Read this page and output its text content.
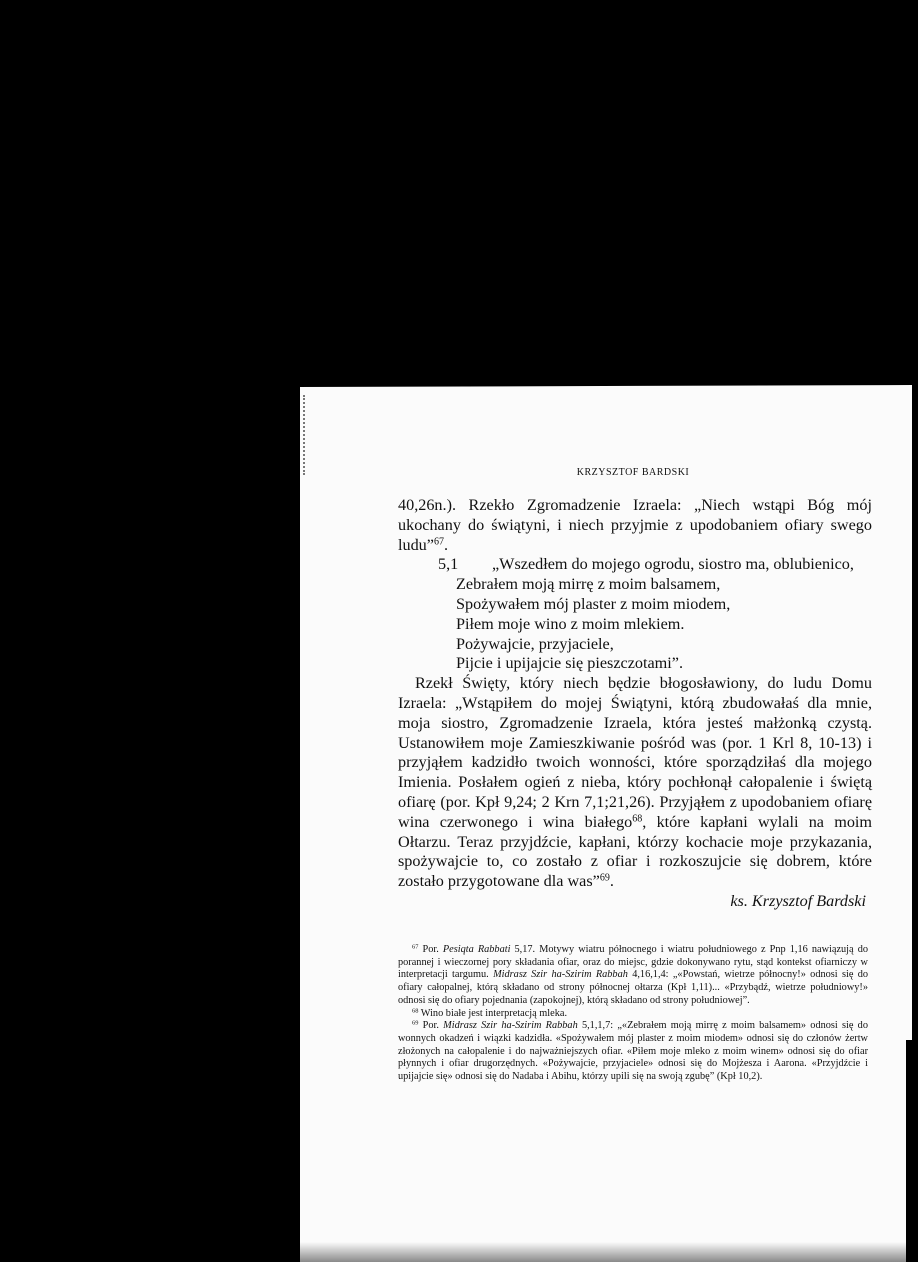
KRZYSZTOF BARDSKI

40,26n.). Rzekło Zgromadzenie Izraela: „Niech wstąpi Bóg mój ukochany do świątyni, i niech przyjmie z upodobaniem ofiary swego ludu”$^{67}$.

5,1 „Wszedłem do mojego ogrodu, siostro ma, oblubienico,
Zebrałem moją mirrę z moim balsamem,
Spożywałem mój plaster z moim miodem,
Piłem moje wino z moim mlekiem.
Pożywajcie, przyjaciele,
Pijcie i upijajcie się pieszczotami”.

Rzekł Święty, który niech będzie błogosławiony, do ludu Domu Izraela: „Wstąpiłem do mojej Świątyni, którą zbudowałaś dla mnie, moja siostro, Zgromadzenie Izraela, która jesteś małżonką czystą. Ustanowiłem moje Zamieszkiwanie pośród was (por. 1 Krl 8, 10-13) i przyjąłem kadzidło twoich wonności, które sporządziłaś dla mojego Imienia. Posłałem ogień z nieba, który pochłonął całopalenie i świętą ofiarę (por. Kpł 9,24; 2 Krn 7,1;21,26). Przyjąłem z upodobaniem ofiarę wina czerwonego i wina białego$^{68}$, które kapłani wylali na moim Ołtarzu. Teraz przyjdźcie, kapłani, którzy kochacie moje przykazania, spożywajcie to, co zostało z ofiar i rozkoszujcie się dobrem, które zostało przygotowane dla was”$^{69}$.

ks. Krzysztof Bardski

$^{67}$ Por. Pesiqta Rabbati 5,17. Motywy wiatru północnego i wiatru południowego z Pnp 1,16 nawiązują do porannej i wieczornej pory składania ofiar, oraz do miejsc, gdzie dokonywano rytu, stąd kontekst ofiarniczy w interpretacji targumu. Midrasz Szir ha-Szirim Rabbah 4,16,1,4: „«Powstań, wietrze północny!» odnosi się do ofiary całopalnej, którą składano od strony północnej ołtarza (Kpł 1,11)... «Przybądź, wietrze południowy!» odnosi się do ofiary pojednania (zapokojnej), którą składano od strony południowej”.

$^{68}$ Wino białe jest interpretacją mleka.

$^{69}$ Por. Midrasz Szir ha-Szirim Rabbah 5,1,1,7: „«Zebrałem moją mirrę z moim balsamem» odnosi się do wonnych okadzeń i wiązki kadzidła. «Spożywałem mój plaster z moim miodem» odnosi się do członów żertw złożonych na całopalenie i do najważniejszych ofiar. «Piłem moje mleko z moim winem» odnosi się do ofiar płynnych i ofiar drugorzędnych. «Pożywajcie, przyjaciele» odnosi się do Mojżesza i Aarona. «Przyjdźcie i upijajcie się» odnosi się do Nadaba i Abihu, którzy upili się na swoją zgubę” (Kpł 10,2).
